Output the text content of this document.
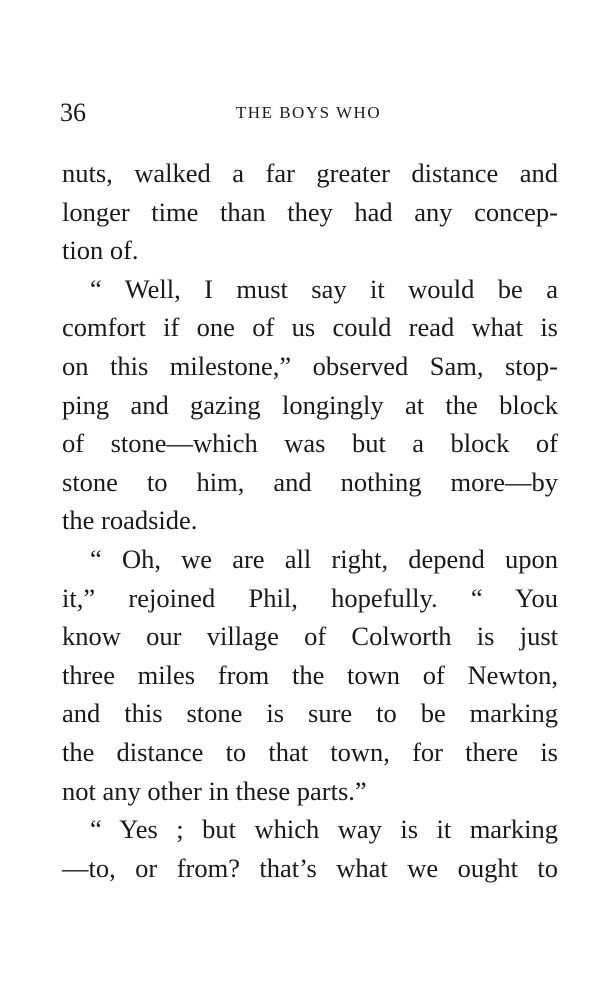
36	THE BOYS WHO

nuts, walked a far greater distance and
longer time than they had any concep-
tion of.

“ Well, I must say it would be a
comfort if one of us could read what is
on this milestone,” observed Sam, stop-
ping and gazing longingly at the block
of stone—which was but a block of
stone to him, and nothing more—by
the roadside.

“ Oh, we are all right, depend upon
it,” rejoined Phil, hopefully. “ You
know our village of Colworth is just
three miles from the town of Newton,
and this stone is sure to be marking
the distance to that town, for there is
not any other in these parts.”

“ Yes ; but which way is it marking
—to, or from? that’s what we ought to
